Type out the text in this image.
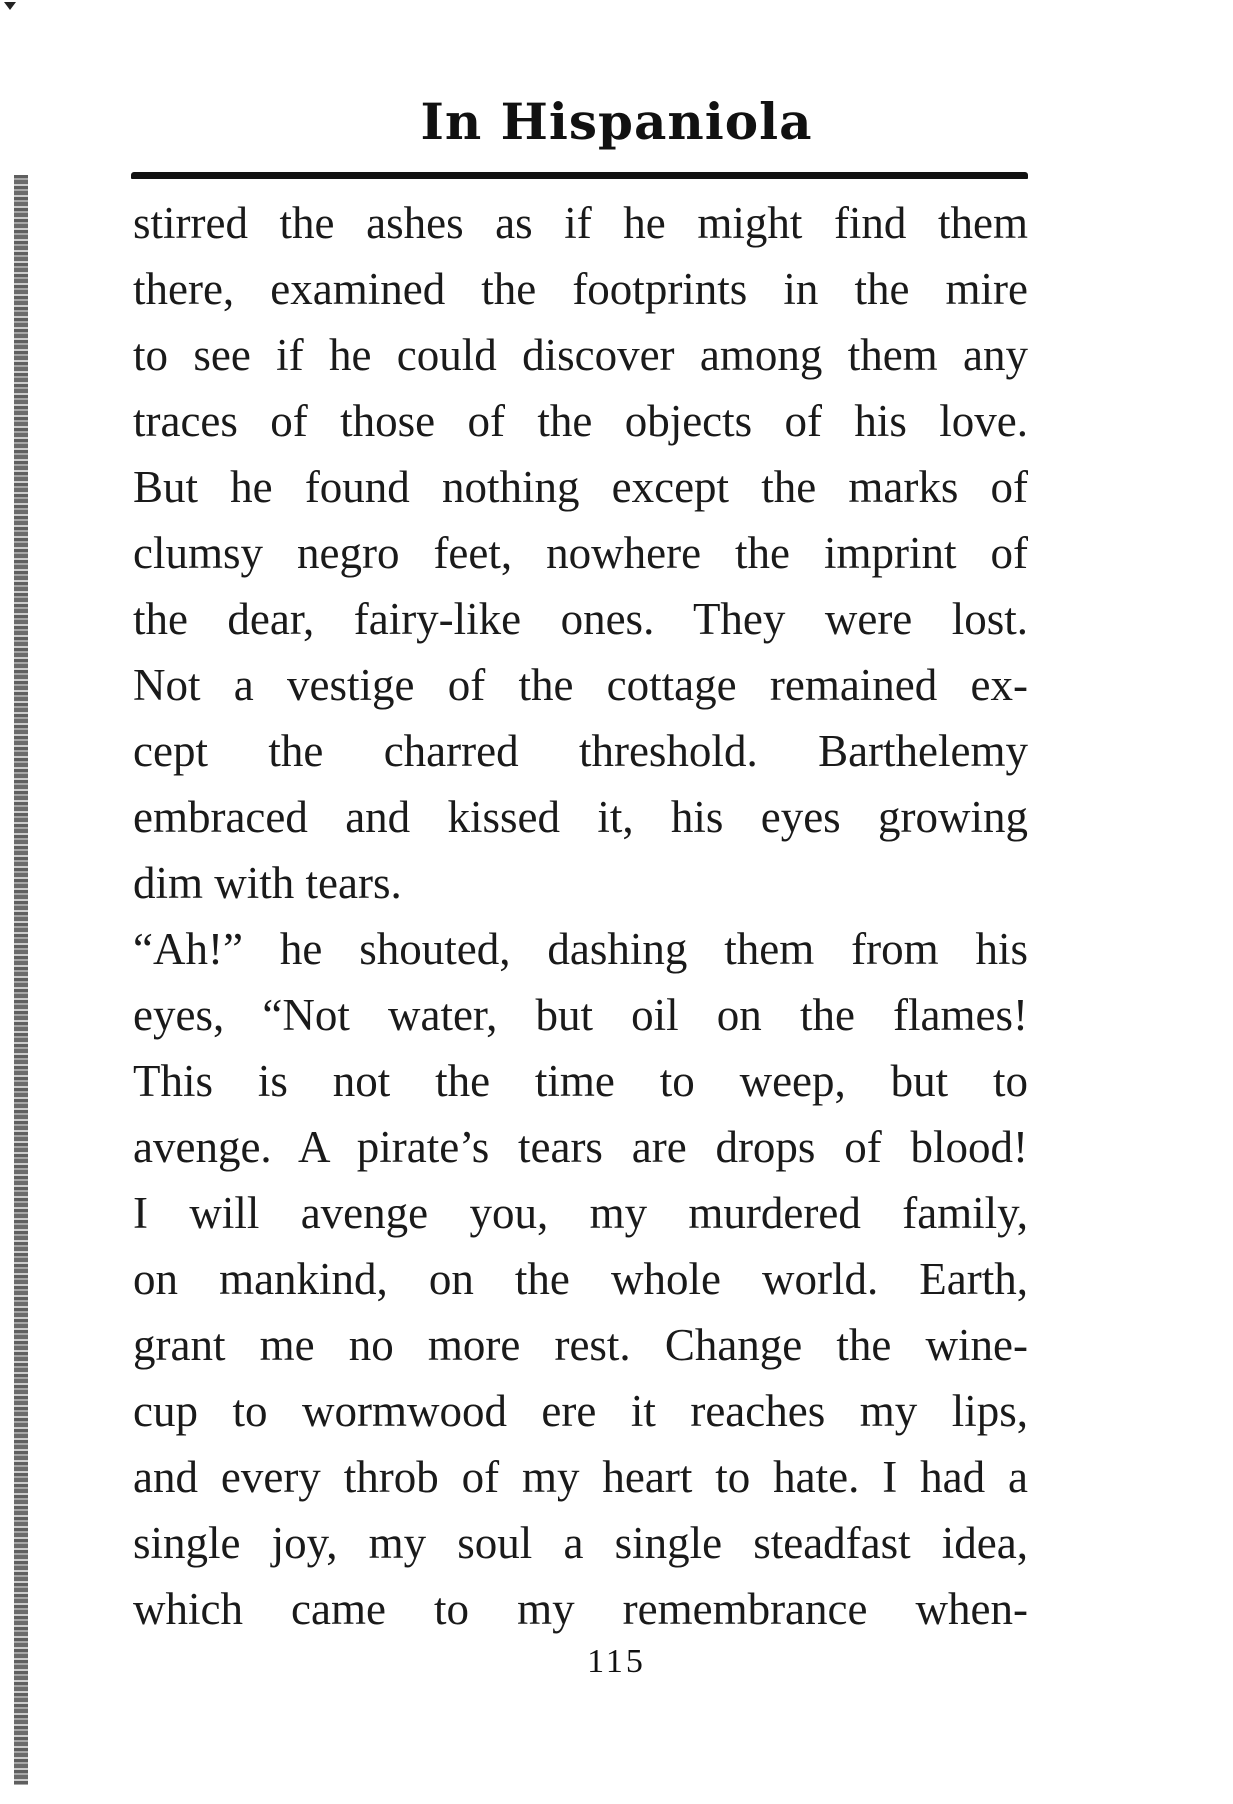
In Hispaniola
stirred the ashes as if he might find them
there, examined the footprints in the mire
to see if he could discover among them any
traces of those of the objects of his love.
But he found nothing except the marks of
clumsy negro feet, nowhere the imprint of
the dear, fairy-like ones. They were lost.
Not a vestige of the cottage remained ex-
cept the charred threshold. Barthelemy
embraced and kissed it, his eyes growing
dim with tears.
“Ah!” he shouted, dashing them from his
eyes, “Not water, but oil on the flames!
This is not the time to weep, but to
avenge. A pirate’s tears are drops of blood!
I will avenge you, my murdered family,
on mankind, on the whole world. Earth,
grant me no more rest. Change the wine-
cup to wormwood ere it reaches my lips,
and every throb of my heart to hate. I had a
single joy, my soul a single steadfast idea,
which came to my remembrance when-
115
